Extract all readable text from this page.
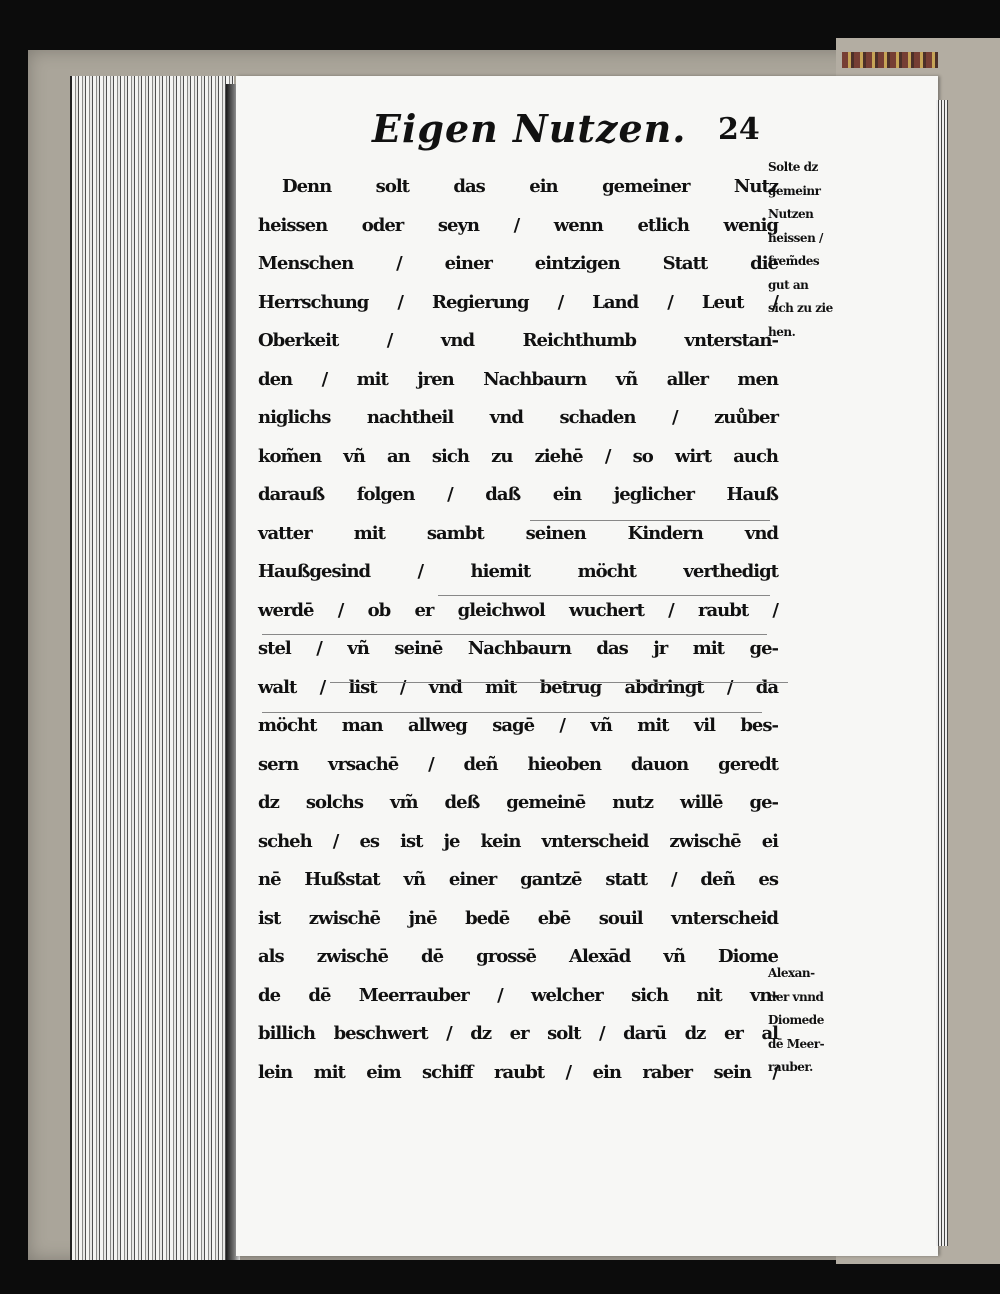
Eigen Nutzen. 24
Denn solt das ein gemeiner Nutz
heissen oder seyn / wenn etlich wenig
Menschen / einer eintzigen Statt die
Herrschung / Regierung / Land / Leut /
Oberkeit / vnd Reichthumb vnterstan-
den / mit jren Nachbaurn vñ aller men
niglichs nachtheil vnd schaden / zuůber
kom̃en vñ an sich zu ziehē / so wirt auch
darauß folgen / daß ein jeglicher Hauß
vatter mit sambt seinen Kindern vnd
Haußgesind / hiemit möcht verthedigt
werdē / ob er gleichwol wuchert / raubt /
stel / vñ seinē Nachbaurn das jr mit ge-
walt / list / vnd mit betrug abdringt / da
möcht man allweg sagē / vñ mit vil bes-
sern vrsachē / deñ hieoben dauon geredt
dz solchs vm̃ deß gemeinē nutz willē ge-
scheh / es ist je kein vnterscheid zwischē ei
nē Hußstat vñ einer gantzē statt / deñ es
ist zwischē jnē bedē ebē souil vnterscheid
als zwischē dē grossē Alexād vñ Diome
de dē Meerrauber / welcher sich nit vn-
billich beschwert / dz er solt / darū dz er al
lein mit eim schiff raubt / ein raber sein /
Solte dz
gemeinr
Nutzen
heissen /
frem̃des
gut an
sich zu zie
hen.
Alexan-
der vnnd
Diomede
dē Meer-
rauber.
